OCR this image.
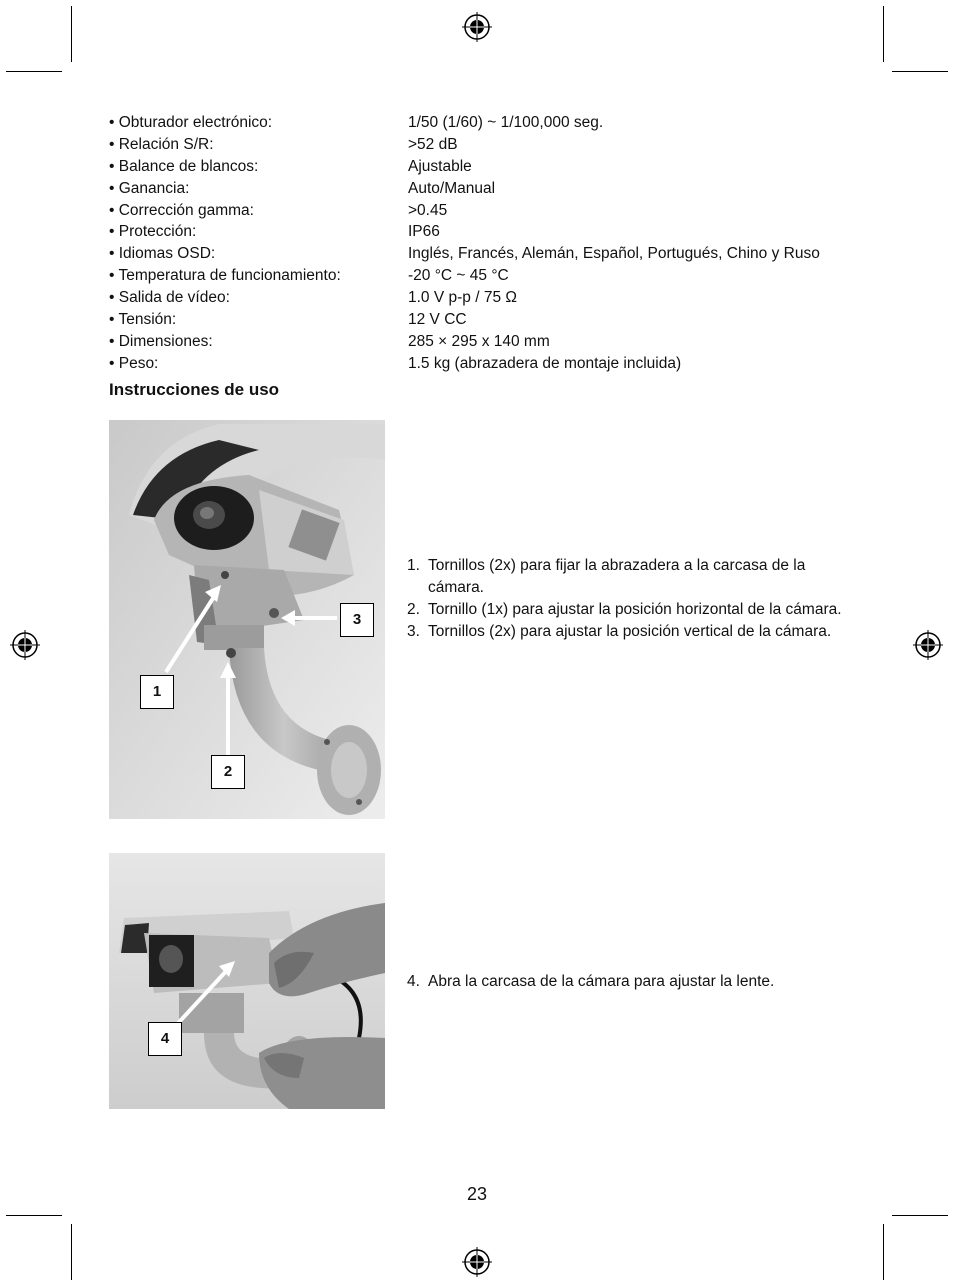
• Obturador electrónico:	1/50 (1/60) ~ 1/100,000 seg.
• Relación S/R:	>52 dB
• Balance de blancos:	Ajustable
• Ganancia:	Auto/Manual
• Corrección gamma:	>0.45
• Protección:	IP66
• Idiomas OSD:	Inglés, Francés, Alemán, Español, Portugués, Chino y Ruso
• Temperatura de funcionamiento:	-20 °C ~ 45 °C
• Salida de vídeo:	1.0 V p-p / 75 Ω
• Tensión:	12 V CC
• Dimensiones:	285 × 295 x 140 mm
• Peso:	1.5 kg (abrazadera de montaje incluida)
Instrucciones de uso
1
2
3
1. Tornillos (2x) para fijar la abrazadera a la carcasa de la cámara.
2. Tornillo (1x) para ajustar la posición horizontal de la cámara.
3. Tornillos (2x) para ajustar la posición vertical de la cámara.
4
4. Abra la carcasa de la cámara para ajustar la lente.
23
